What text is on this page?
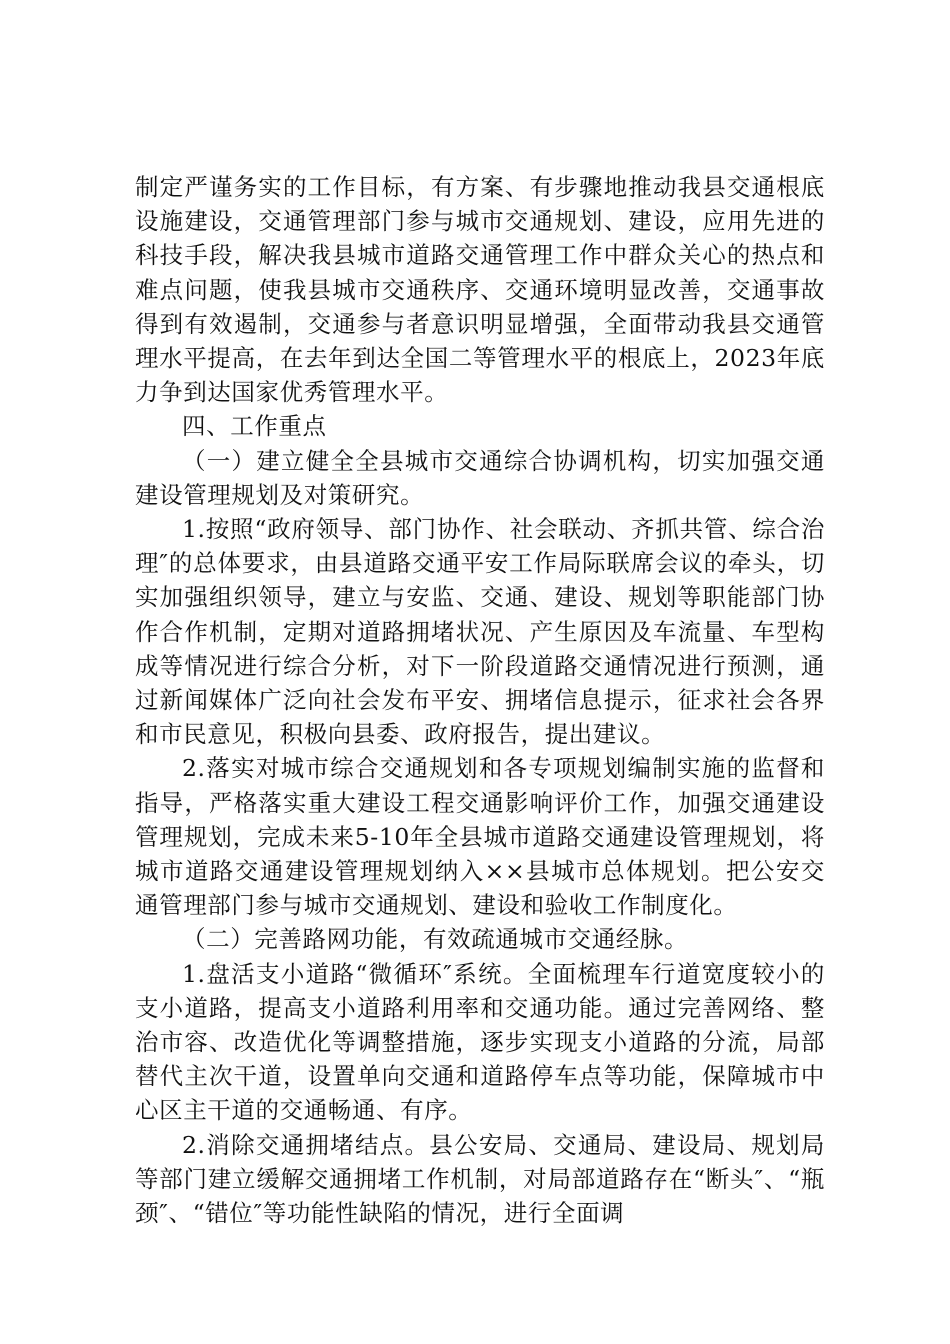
制定严谨务实的工作目标，有方案、有步骤地推动我县交通根底设施建设，交通管理部门参与城市交通规划、建设，应用先进的科技手段，解决我县城市道路交通管理工作中群众关心的热点和难点问题，使我县城市交通秩序、交通环境明显改善，交通事故得到有效遏制，交通参与者意识明显增强，全面带动我县交通管理水平提高，在去年到达全国二等管理水平的根底上，2023年底力争到达国家优秀管理水平。

四、工作重点

（一）建立健全全县城市交通综合协调机构，切实加强交通建设管理规划及对策研究。

1.按照“政府领导、部门协作、社会联动、齐抓共管、综合治理″的总体要求，由县道路交通平安工作局际联席会议的牵头，切实加强组织领导，建立与安监、交通、建设、规划等职能部门协作合作机制，定期对道路拥堵状况、产生原因及车流量、车型构成等情况进行综合分析，对下一阶段道路交通情况进行预测，通过新闻媒体广泛向社会发布平安、拥堵信息提示，征求社会各界和市民意见，积极向县委、政府报告，提出建议。

2.落实对城市综合交通规划和各专项规划编制实施的监督和指导，严格落实重大建设工程交通影响评价工作，加强交通建设管理规划，完成未来5-10年全县城市道路交通建设管理规划，将城市道路交通建设管理规划纳入××县城市总体规划。把公安交通管理部门参与城市交通规划、建设和验收工作制度化。

（二）完善路网功能，有效疏通城市交通经脉。

1.盘活支小道路“微循环″系统。全面梳理车行道宽度较小的支小道路，提高支小道路利用率和交通功能。通过完善网络、整治市容、改造优化等调整措施，逐步实现支小道路的分流，局部替代主次干道，设置单向交通和道路停车点等功能，保障城市中心区主干道的交通畅通、有序。

2.消除交通拥堵结点。县公安局、交通局、建设局、规划局等部门建立缓解交通拥堵工作机制，对局部道路存在“断头″、“瓶颈″、“错位″等功能性缺陷的情况，进行全面调
